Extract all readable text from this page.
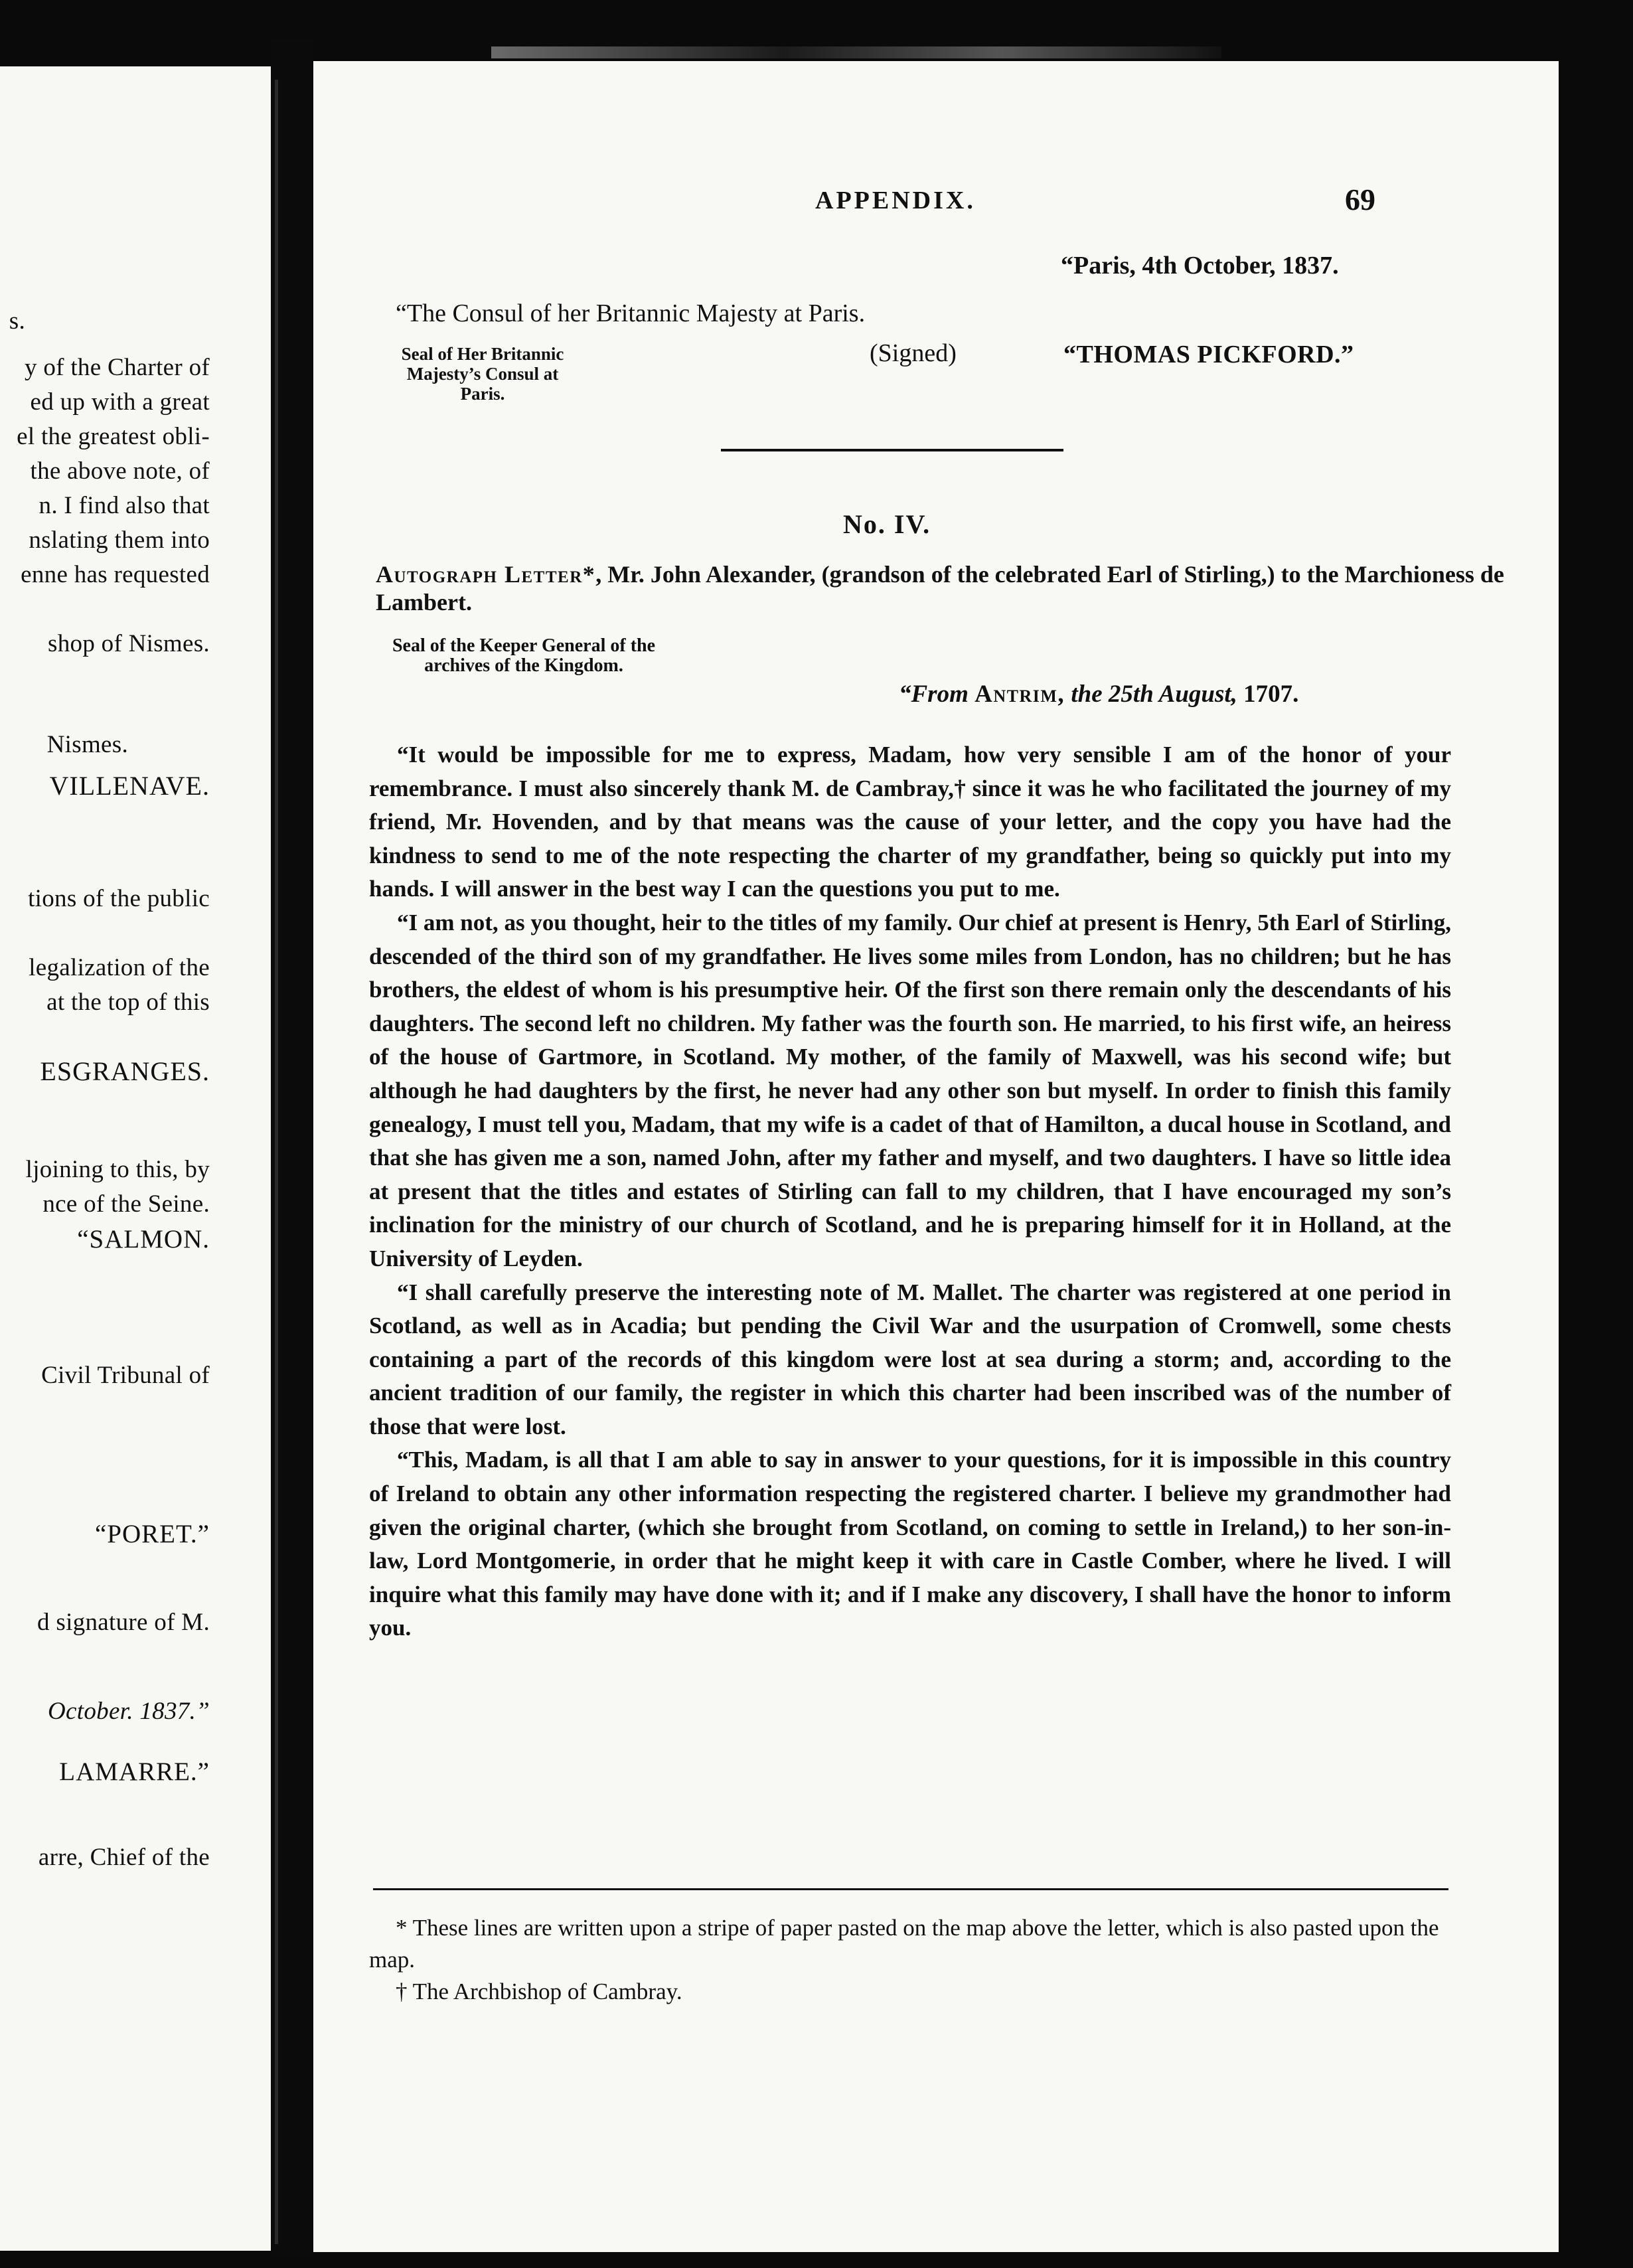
s.
y of the Charter of
ed up with a great
el the greatest obli-
the above note, of
n. I find also that
nslating them into
enne has requested
shop of Nismes.
Nismes.
VILLENAVE.
tions of the public
legalization of the
at the top of this
ESGRANGES.
ljoining to this, by
nce of the Seine.
“SALMON.
Civil Tribunal of
“PORET.”
d signature of M.
October. 1837.”
LAMARRE.”
arre, Chief of the
APPENDIX.	69
“Paris, 4th October, 1837.
“The Consul of her Britannic Majesty at Paris.
Seal of Her Britannic Majesty’s Consul at Paris.
(Signed)	“THOMAS PICKFORD.”
No. IV.
Autograph Letter*, Mr. John Alexander, (grandson of the celebrated Earl of Stirling,) to the Marchioness de Lambert.
Seal of the Keeper General of the archives of the Kingdom.
“From Antrim, the 25th August, 1707.

“It would be impossible for me to express, Madam, how very sensible I am of the honor of your remembrance. I must also sincerely thank M. de Cambray,† since it was he who facilitated the journey of my friend, Mr. Hovenden, and by that means was the cause of your letter, and the copy you have had the kindness to send to me of the note respecting the charter of my grandfather, being so quickly put into my hands. I will answer in the best way I can the questions you put to me.

“I am not, as you thought, heir to the titles of my family. Our chief at present is Henry, 5th Earl of Stirling, descended of the third son of my grandfather. He lives some miles from London, has no children; but he has brothers, the eldest of whom is his presumptive heir. Of the first son there remain only the descendants of his daughters. The second left no children. My father was the fourth son. He married, to his first wife, an heiress of the house of Gartmore, in Scotland. My mother, of the family of Maxwell, was his second wife; but although he had daughters by the first, he never had any other son but myself. In order to finish this family genealogy, I must tell you, Madam, that my wife is a cadet of that of Hamilton, a ducal house in Scotland, and that she has given me a son, named John, after my father and myself, and two daughters. I have so little idea at present that the titles and estates of Stirling can fall to my children, that I have encouraged my son’s inclination for the ministry of our church of Scotland, and he is preparing himself for it in Holland, at the University of Leyden.

“I shall carefully preserve the interesting note of M. Mallet. The charter was registered at one period in Scotland, as well as in Acadia; but pending the Civil War and the usurpation of Cromwell, some chests containing a part of the records of this kingdom were lost at sea during a storm; and, according to the ancient tradition of our family, the register in which this charter had been inscribed was of the number of those that were lost.

“This, Madam, is all that I am able to say in answer to your questions, for it is impossible in this country of Ireland to obtain any other information respecting the registered charter. I believe my grandmother had given the original charter, (which she brought from Scotland, on coming to settle in Ireland,) to her son-in-law, Lord Montgomerie, in order that he might keep it with care in Castle Comber, where he lived. I will inquire what this family may have done with it; and if I make any discovery, I shall have the honor to inform you.

* These lines are written upon a stripe of paper pasted on the map above the letter, which is also pasted upon the map.

† The Archbishop of Cambray.
